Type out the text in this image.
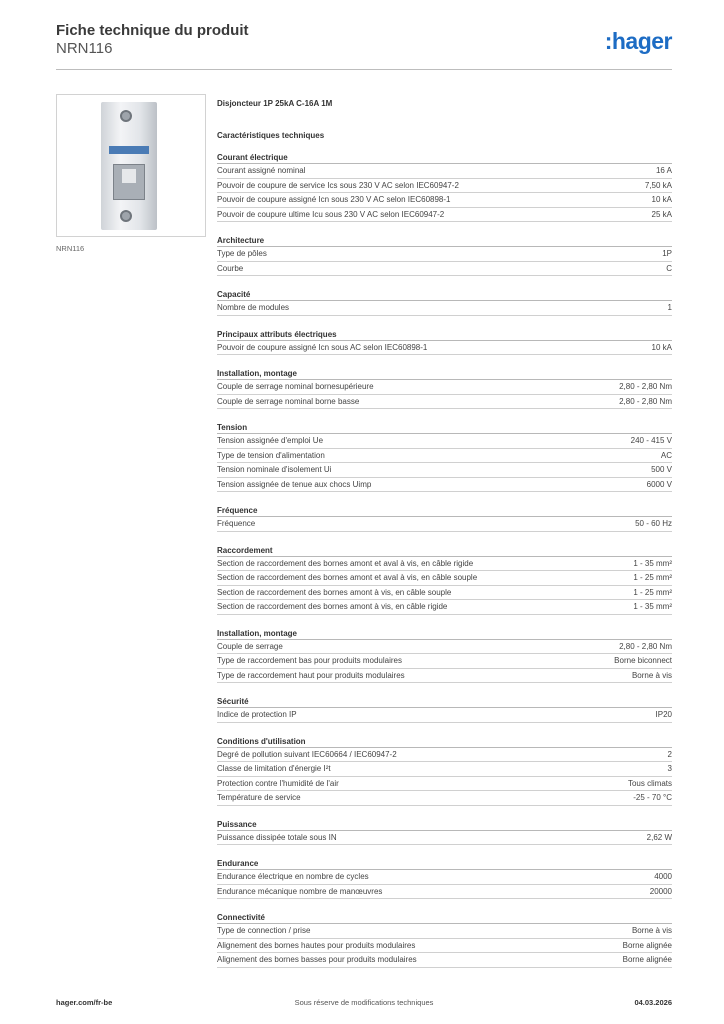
Fiche technique du produit
NRN116	:hager
NRN116
Disjoncteur 1P 25kA C-16A 1M
Caractéristiques techniques
Courant électrique
Courant assigné nominal	16 A
Pouvoir de coupure de service Ics sous 230 V AC selon IEC60947-2	7,50 kA
Pouvoir de coupure assigné Icn sous 230 V AC selon IEC60898-1	10 kA
Pouvoir de coupure ultime Icu sous 230 V AC selon IEC60947-2	25 kA
Architecture
Type de pôles	1P
Courbe	C
Capacité
Nombre de modules	1
Principaux attributs électriques
Pouvoir de coupure assigné Icn sous AC selon IEC60898-1	10 kA
Installation, montage
Couple de serrage nominal bornesupérieure	2,80 - 2,80 Nm
Couple de serrage nominal borne basse	2,80 - 2,80 Nm
Tension
Tension assignée d'emploi Ue	240 - 415 V
Type de tension d'alimentation	AC
Tension nominale d'isolement Ui	500 V
Tension assignée de tenue aux chocs Uimp	6000 V
Fréquence
Fréquence	50 - 60 Hz
Raccordement
Section de raccordement des bornes amont et aval à vis, en câble rigide	1 - 35 mm²
Section de raccordement des bornes amont et aval à vis, en câble souple	1 - 25 mm²
Section de raccordement des bornes amont à vis, en câble souple	1 - 25 mm²
Section de raccordement des bornes amont à vis, en câble rigide	1 - 35 mm²
Installation, montage
Couple de serrage	2,80 - 2,80 Nm
Type de raccordement bas pour produits modulaires	Borne biconnect
Type de raccordement haut pour produits modulaires	Borne à vis
Sécurité
Indice de protection IP	IP20
Conditions d'utilisation
Degré de pollution suivant IEC60664 / IEC60947-2	2
Classe de limitation d'énergie I²t	3
Protection contre l'humidité de l'air	Tous climats
Température de service	-25 - 70 °C
Puissance
Puissance dissipée totale sous IN	2,62 W
Endurance
Endurance électrique en nombre de cycles	4000
Endurance mécanique nombre de manœuvres	20000
Connectivité
Type de connection / prise	Borne à vis
Alignement des bornes hautes pour produits modulaires	Borne alignée
Alignement des bornes basses pour produits modulaires	Borne alignée
hager.com/fr-be	Sous réserve de modifications techniques	04.03.2026
